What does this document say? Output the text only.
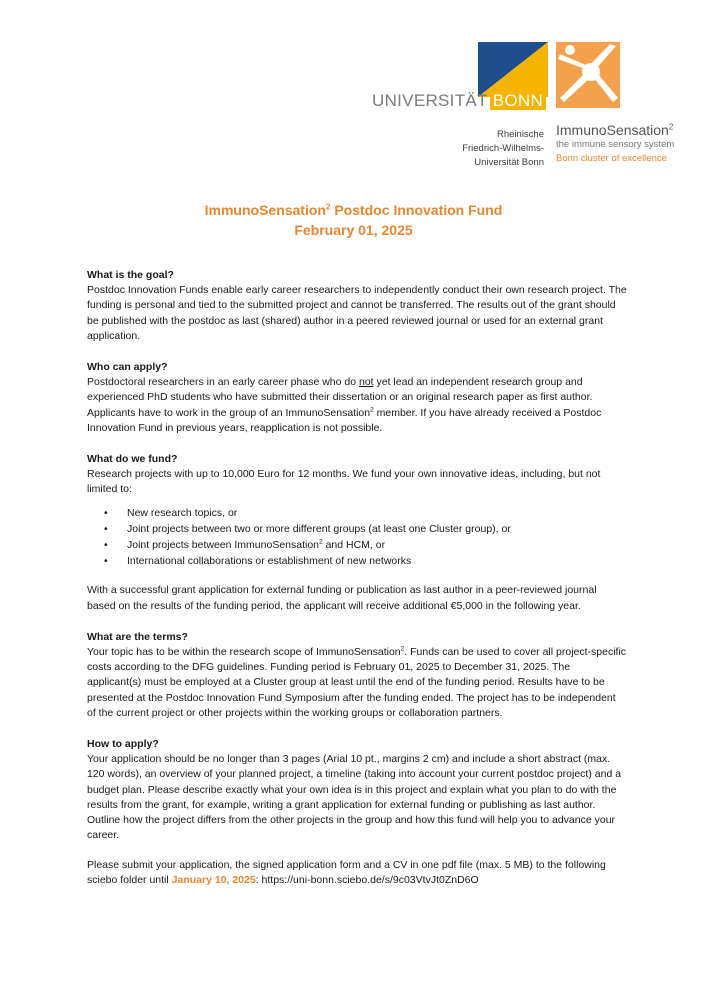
UNIVERSITÄT BONN
Rheinische
Friedrich-Wilhelms-
Universität Bonn
ImmunoSensation$^2$
the immune sensory system
Bonn cluster of excellence
ImmunoSensation$^2$ Postdoc Innovation Fund
February 01, 2025
What is the goal?

Postdoc Innovation Funds enable early career researchers to independently conduct their own research project. The funding is personal and tied to the submitted project and cannot be transferred. The results out of the grant should be published with the postdoc as last (shared) author in a peered reviewed journal or used for an external grant application.

Who can apply?

Postdoctoral researchers in an early career phase who do not yet lead an independent research group and experienced PhD students who have submitted their dissertation or an original research paper as first author. Applicants have to work in the group of an ImmunoSensation$^2$ member. If you have already received a Postdoc Innovation Fund in previous years, reapplication is not possible.

What do we fund?

Research projects with up to 10,000 Euro for 12 months. We fund your own innovative ideas, including, but not limited to:

• New research topics, or
• Joint projects between two or more different groups (at least one Cluster group), or
• Joint projects between ImmunoSensation$^2$ and HCM, or
• International collaborations or establishment of new networks

With a successful grant application for external funding or publication as last author in a peer-reviewed journal based on the results of the funding period, the applicant will receive additional €5,000 in the following year.

What are the terms?

Your topic has to be within the research scope of ImmunoSensation$^2$. Funds can be used to cover all project-specific costs according to the DFG guidelines. Funding period is February 01, 2025 to December 31, 2025. The applicant(s) must be employed at a Cluster group at least until the end of the funding period. Results have to be presented at the Postdoc Innovation Fund Symposium after the funding ended. The project has to be independent of the current project or other projects within the working groups or collaboration partners.

How to apply?

Your application should be no longer than 3 pages (Arial 10 pt., margins 2 cm) and include a short abstract (max. 120 words), an overview of your planned project, a timeline (taking into account your current postdoc project) and a budget plan. Please describe exactly what your own idea is in this project and explain what you plan to do with the results from the grant, for example, writing a grant application for external funding or publishing as last author. Outline how the project differs from the other projects in the group and how this fund will help you to advance your career.

Please submit your application, the signed application form and a CV in one pdf file (max. 5 MB) to the following sciebo folder until January 10, 2025: https://uni-bonn.sciebo.de/s/9c03VtvJt0ZnD6O
